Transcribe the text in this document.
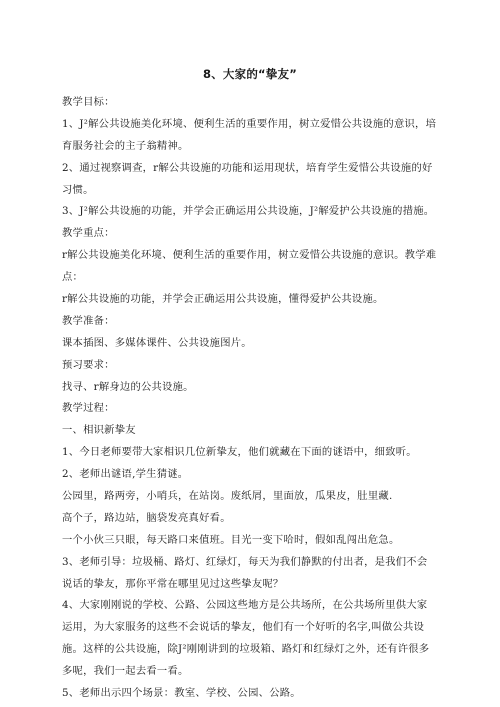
8、大家的“挚友”
教学目标：
1、J²解公共设施美化环境、便利生活的重要作用，树立爱惜公共设施的意识，培
育服务社会的主子翁精神。
2、通过视察调查，r解公共设施的功能和运用现状，培育学生爱惜公共设施的好
习惯。
3、J²解公共设施的功能，并学会正确运用公共设施，J²解爱护公共设施的措施。
教学重点：
r解公共设施美化环境、便利生活的重要作用，树立爱惜公共设施的意识。教学难
点：
r解公共设施的功能，并学会正确运用公共设施，懂得爱护公共设施。
教学准备：
课本插图、多媒体课件、公共设施图片。
预习要求：
找寻、r解身边的公共设施。
教学过程：
一、相识新挚友
1、今日老师要带大家相识几位新挚友，他们就藏在下面的谜语中，细致听。
2、老师出谜语,学生猜谜。
公园里，路两旁，小哨兵，在站岗。废纸屑，里面放，瓜果皮，肚里藏.
高个子，路边站，脑袋发亮真好看。
一个小伙三只眼，每天路口来值班。目光一变下哈时，假如乱闯出危急。
3、老师引导：垃圾桶、路灯、红绿灯，每天为我们静默的付出者，是我们不会
说话的挚友，那你平常在哪里见过这些挚友呢？
4、大家刚刚说的学校、公路、公园这些地方是公共场所，在公共场所里供大家
运用，为大家服务的这些不会说话的挚友，他们有一个好听的名字,叫做公共设
施。这样的公共设施，除J²刚刚讲到的垃圾箱、路灯和红绿灯之外，还有许很多
多呢，我们一起去看一看。
5、老师出示四个场景：教室、学校、公园、公路。
